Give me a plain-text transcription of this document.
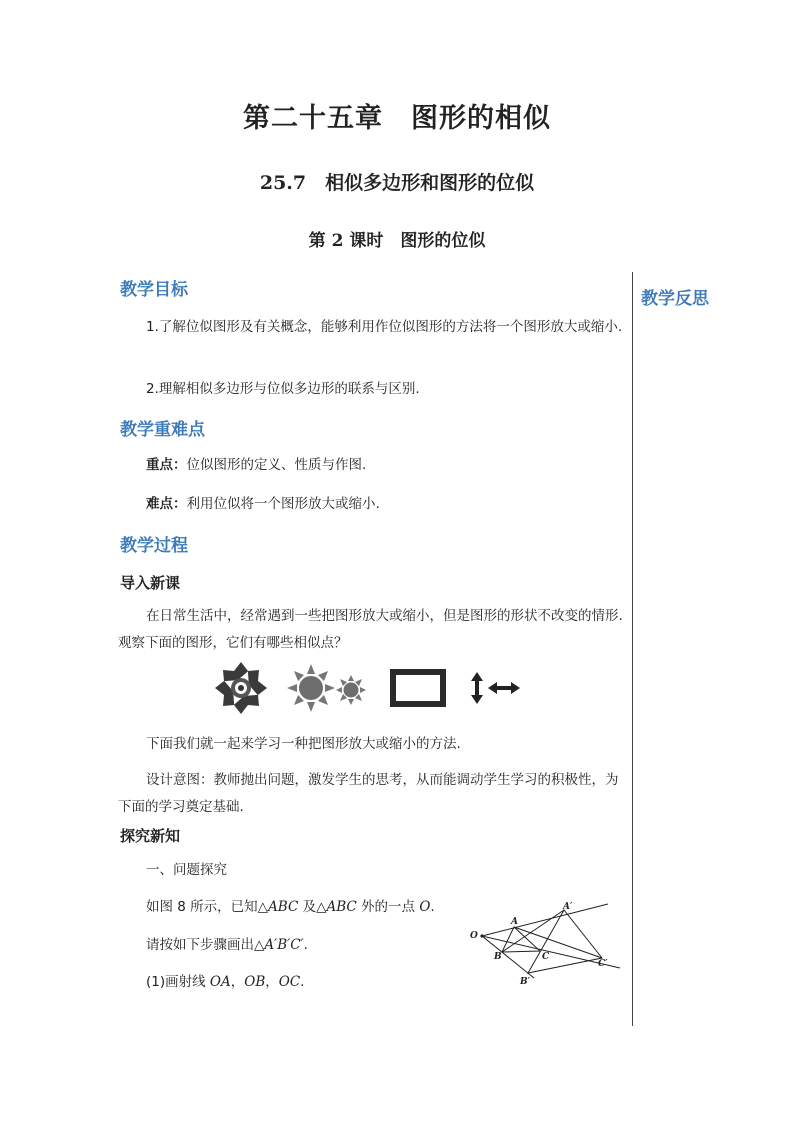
第二十五章　图形的相似
25.7　相似多边形和图形的位似
第 2 课时　图形的位似
教学反思
教学目标
1.了解位似图形及有关概念，能够利用作位似图形的方法将一个图形放大或缩小.
2.理解相似多边形与位似多边形的联系与区别.
教学重难点
重点：位似图形的定义、性质与作图.
难点：利用位似将一个图形放大或缩小.
教学过程
导入新课
在日常生活中，经常遇到一些把图形放大或缩小，但是图形的形状不改变的情形. 观察下面的图形，它们有哪些相似点？
下面我们就一起来学习一种把图形放大或缩小的方法.
设计意图：教师抛出问题，激发学生的思考，从而能调动学生学习的积极性，为下面的学习奠定基础.
探究新知
一、问题探究
如图 8 所示，已知△ABC 及△ABC 外的一点 O.
请按如下步骤画出△A′B′C′.
(1)画射线 OA，OB，OC.
O
A
B	C
A′
B′
C′
